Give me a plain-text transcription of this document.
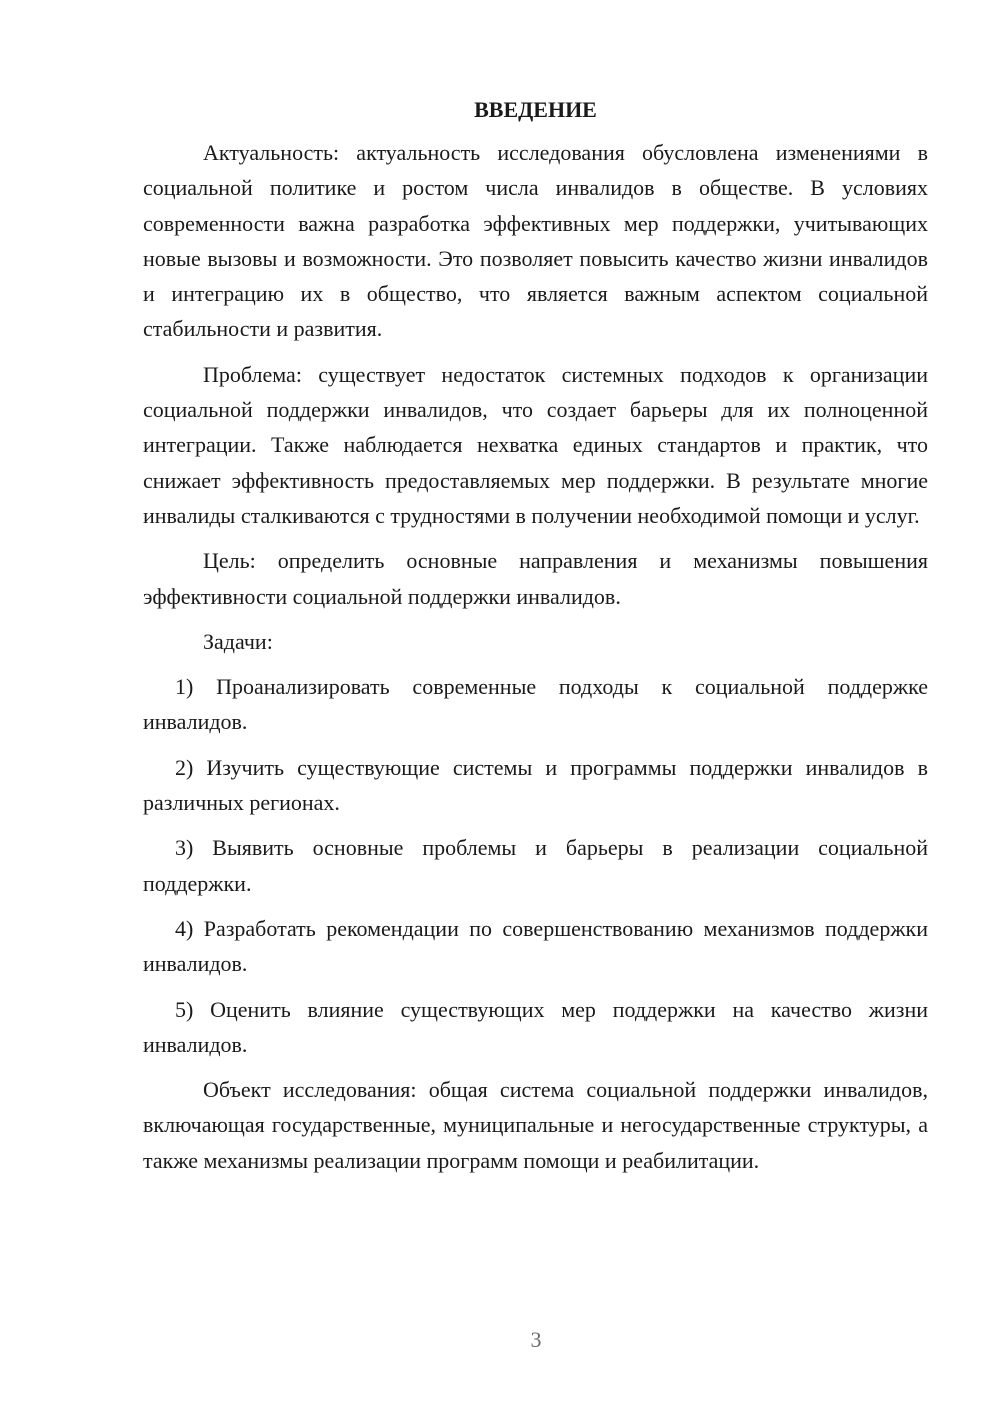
ВВЕДЕНИЕ

Актуальность: актуальность исследования обусловлена изменениями в социальной политике и ростом числа инвалидов в обществе. В условиях современности важна разработка эффективных мер поддержки, учитывающих новые вызовы и возможности. Это позволяет повысить качество жизни инвалидов и интеграцию их в общество, что является важным аспектом социальной стабильности и развития.

Проблема: существует недостаток системных подходов к организации социальной поддержки инвалидов, что создает барьеры для их полноценной интеграции. Также наблюдается нехватка единых стандартов и практик, что снижает эффективность предоставляемых мер поддержки. В результате многие инвалиды сталкиваются с трудностями в получении необходимой помощи и услуг.

Цель: определить основные направления и механизмы повышения эффективности социальной поддержки инвалидов.

Задачи:

1) Проанализировать современные подходы к социальной поддержке инвалидов.

2) Изучить существующие системы и программы поддержки инвалидов в различных регионах.

3) Выявить основные проблемы и барьеры в реализации социальной поддержки.

4) Разработать рекомендации по совершенствованию механизмов поддержки инвалидов.

5) Оценить влияние существующих мер поддержки на качество жизни инвалидов.

Объект исследования: общая система социальной поддержки инвалидов, включающая государственные, муниципальные и негосударственные структуры, а также механизмы реализации программ помощи и реабилитации.

3
